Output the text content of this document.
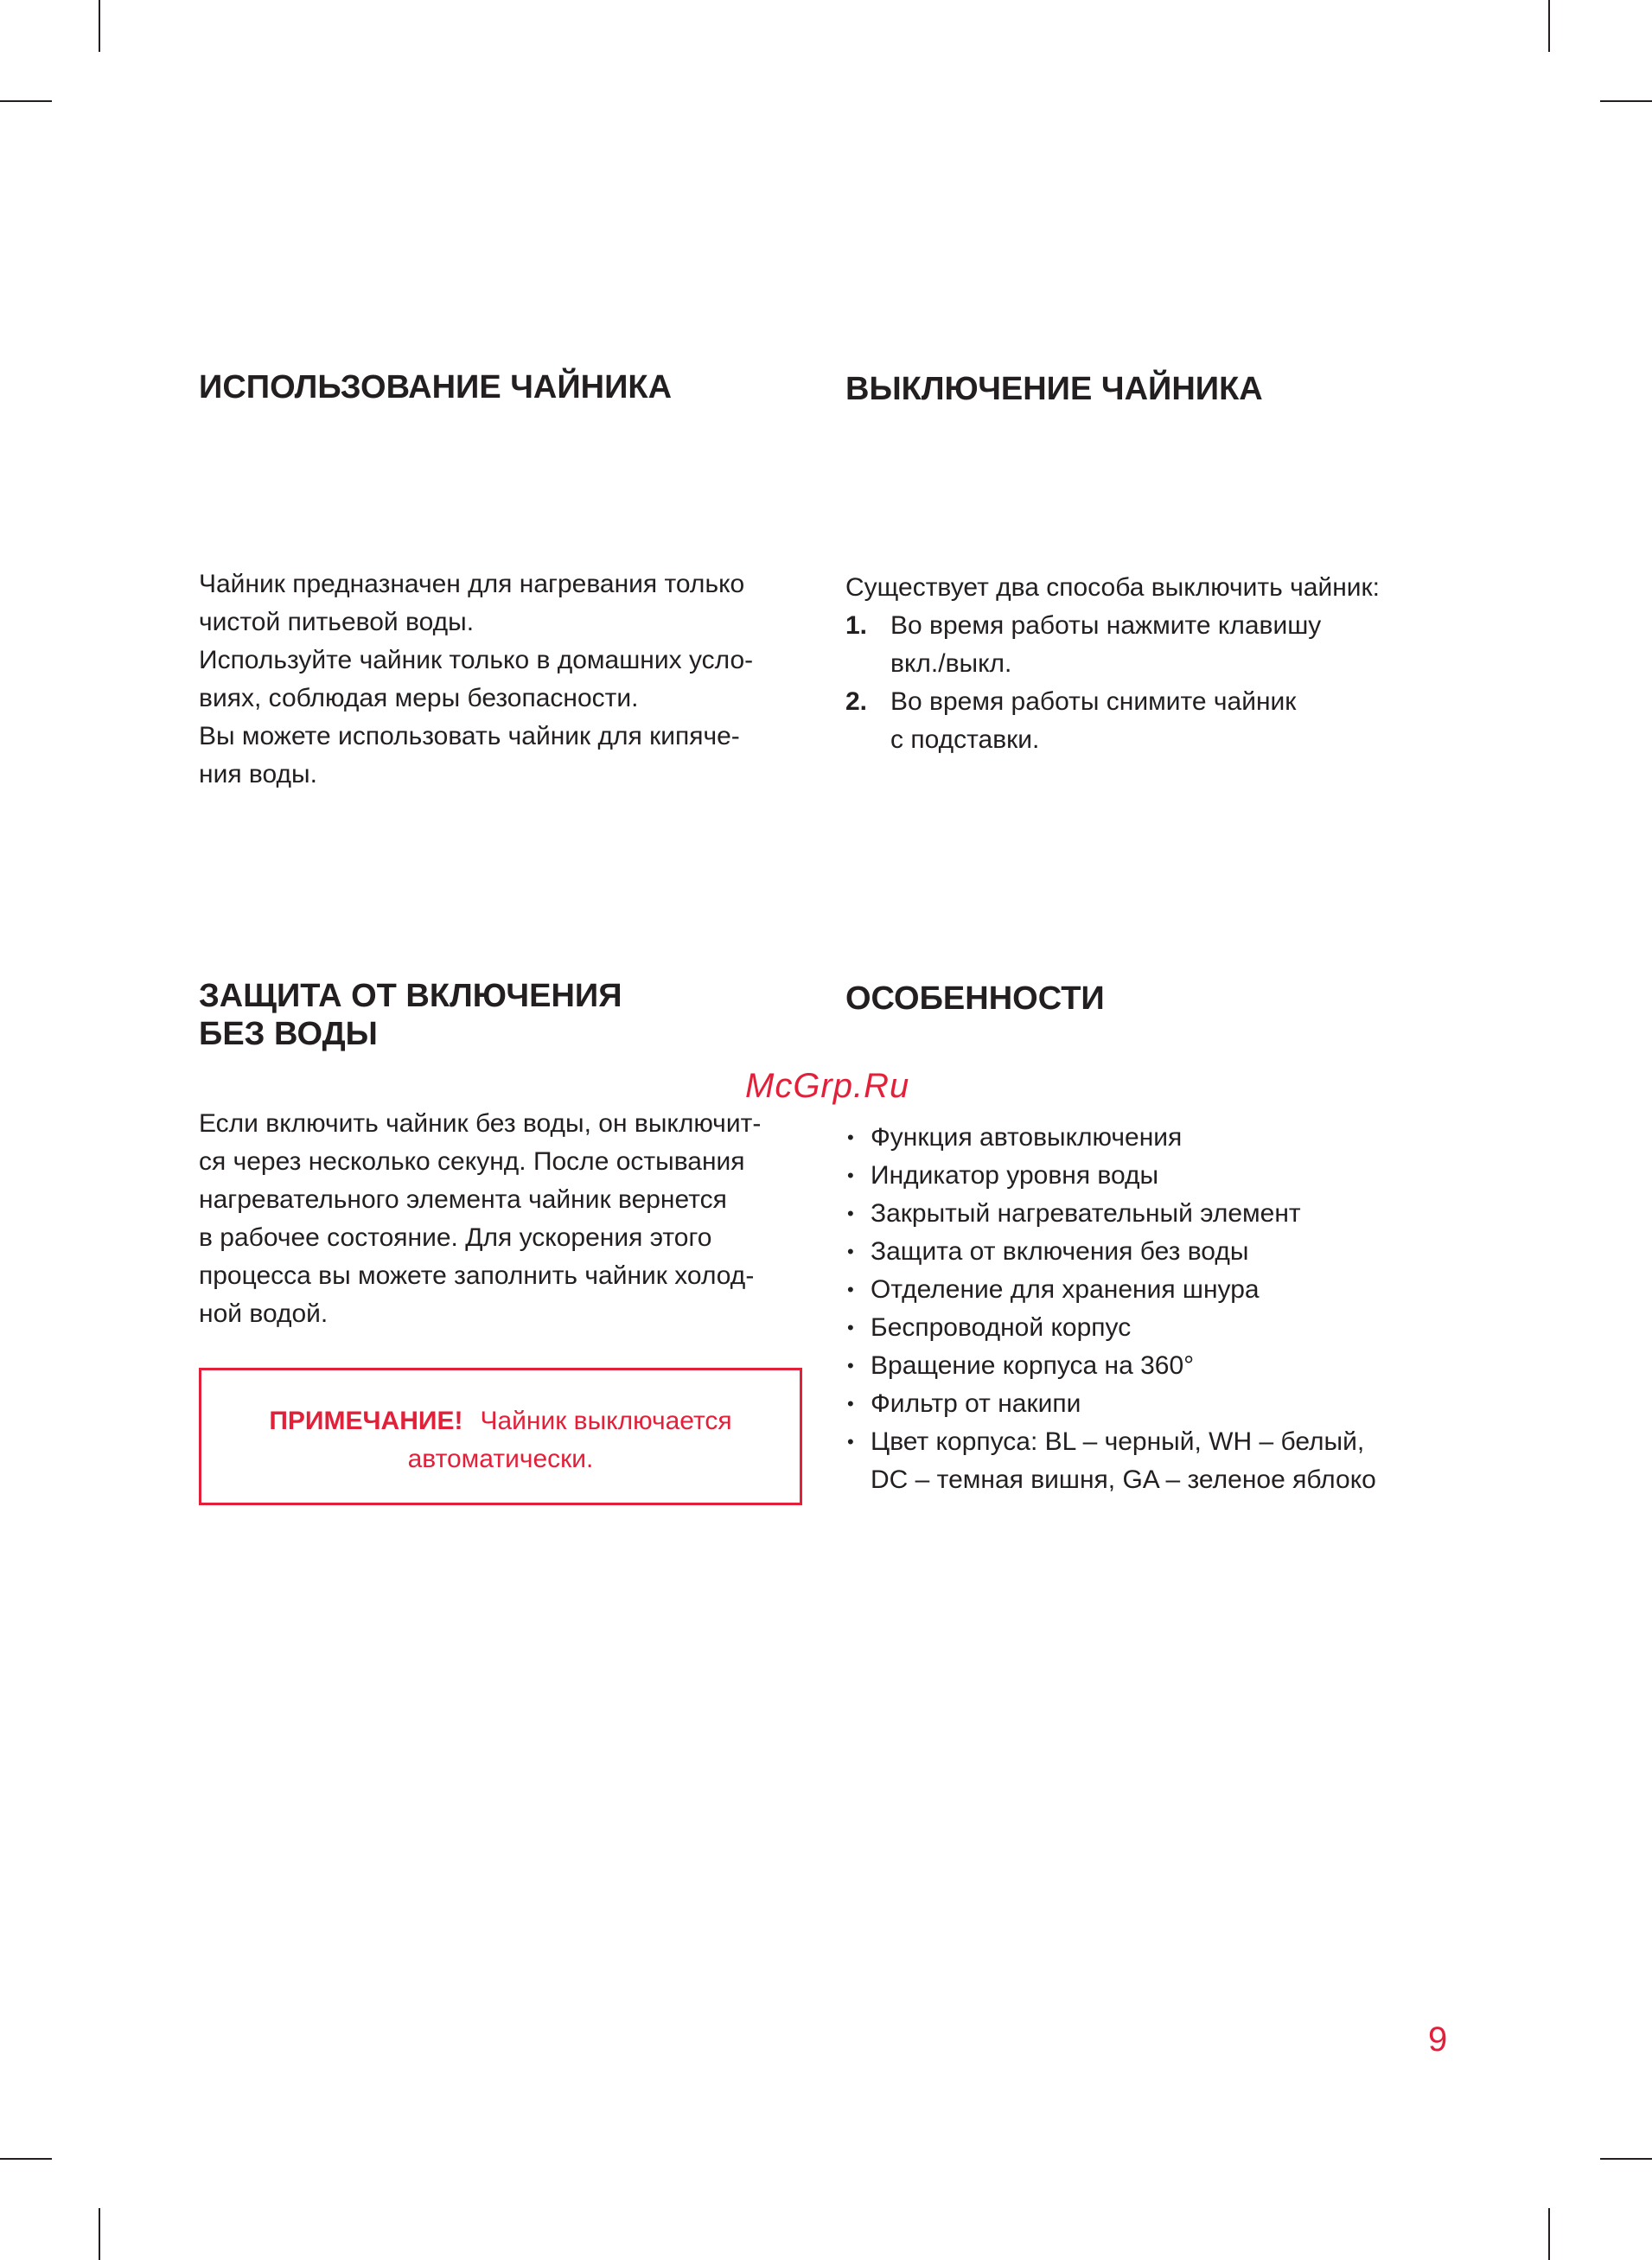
ИСПОЛЬЗОВАНИЕ ЧАЙНИКА
Чайник предназначен для нагревания только
чистой питьевой воды.
Используйте чайник только в домашних усло-
виях, соблюдая меры безопасности.
Вы можете использовать чайник для кипяче-
ния воды.
ВЫКЛЮЧЕНИЕ ЧАЙНИКА
Существует два способа выключить чайник:
1. Во время работы нажмите клавишу
вкл./выкл.
2. Во время работы снимите чайник
с подставки.
ЗАЩИТА ОТ ВКЛЮЧЕНИЯ
БЕЗ ВОДЫ
Если включить чайник без воды, он выключит-
ся через несколько секунд. После остывания
нагревательного элемента чайник вернется
в рабочее состояние. Для ускорения этого
процесса вы можете заполнить чайник холод-
ной водой.
ПРИМЕЧАНИЕ! Чайник выключается
автоматически.
ОСОБЕННОСТИ
• Функция автовыключения
• Индикатор уровня воды
• Закрытый нагревательный элемент
• Защита от включения без воды
• Отделение для хранения шнура
• Беспроводной корпус
• Вращение корпуса на 360°
• Фильтр от накипи
• Цвет корпуса: BL – черный, WH – белый,
DC – темная вишня, GA – зеленое яблоко
McGrp.Ru
9
